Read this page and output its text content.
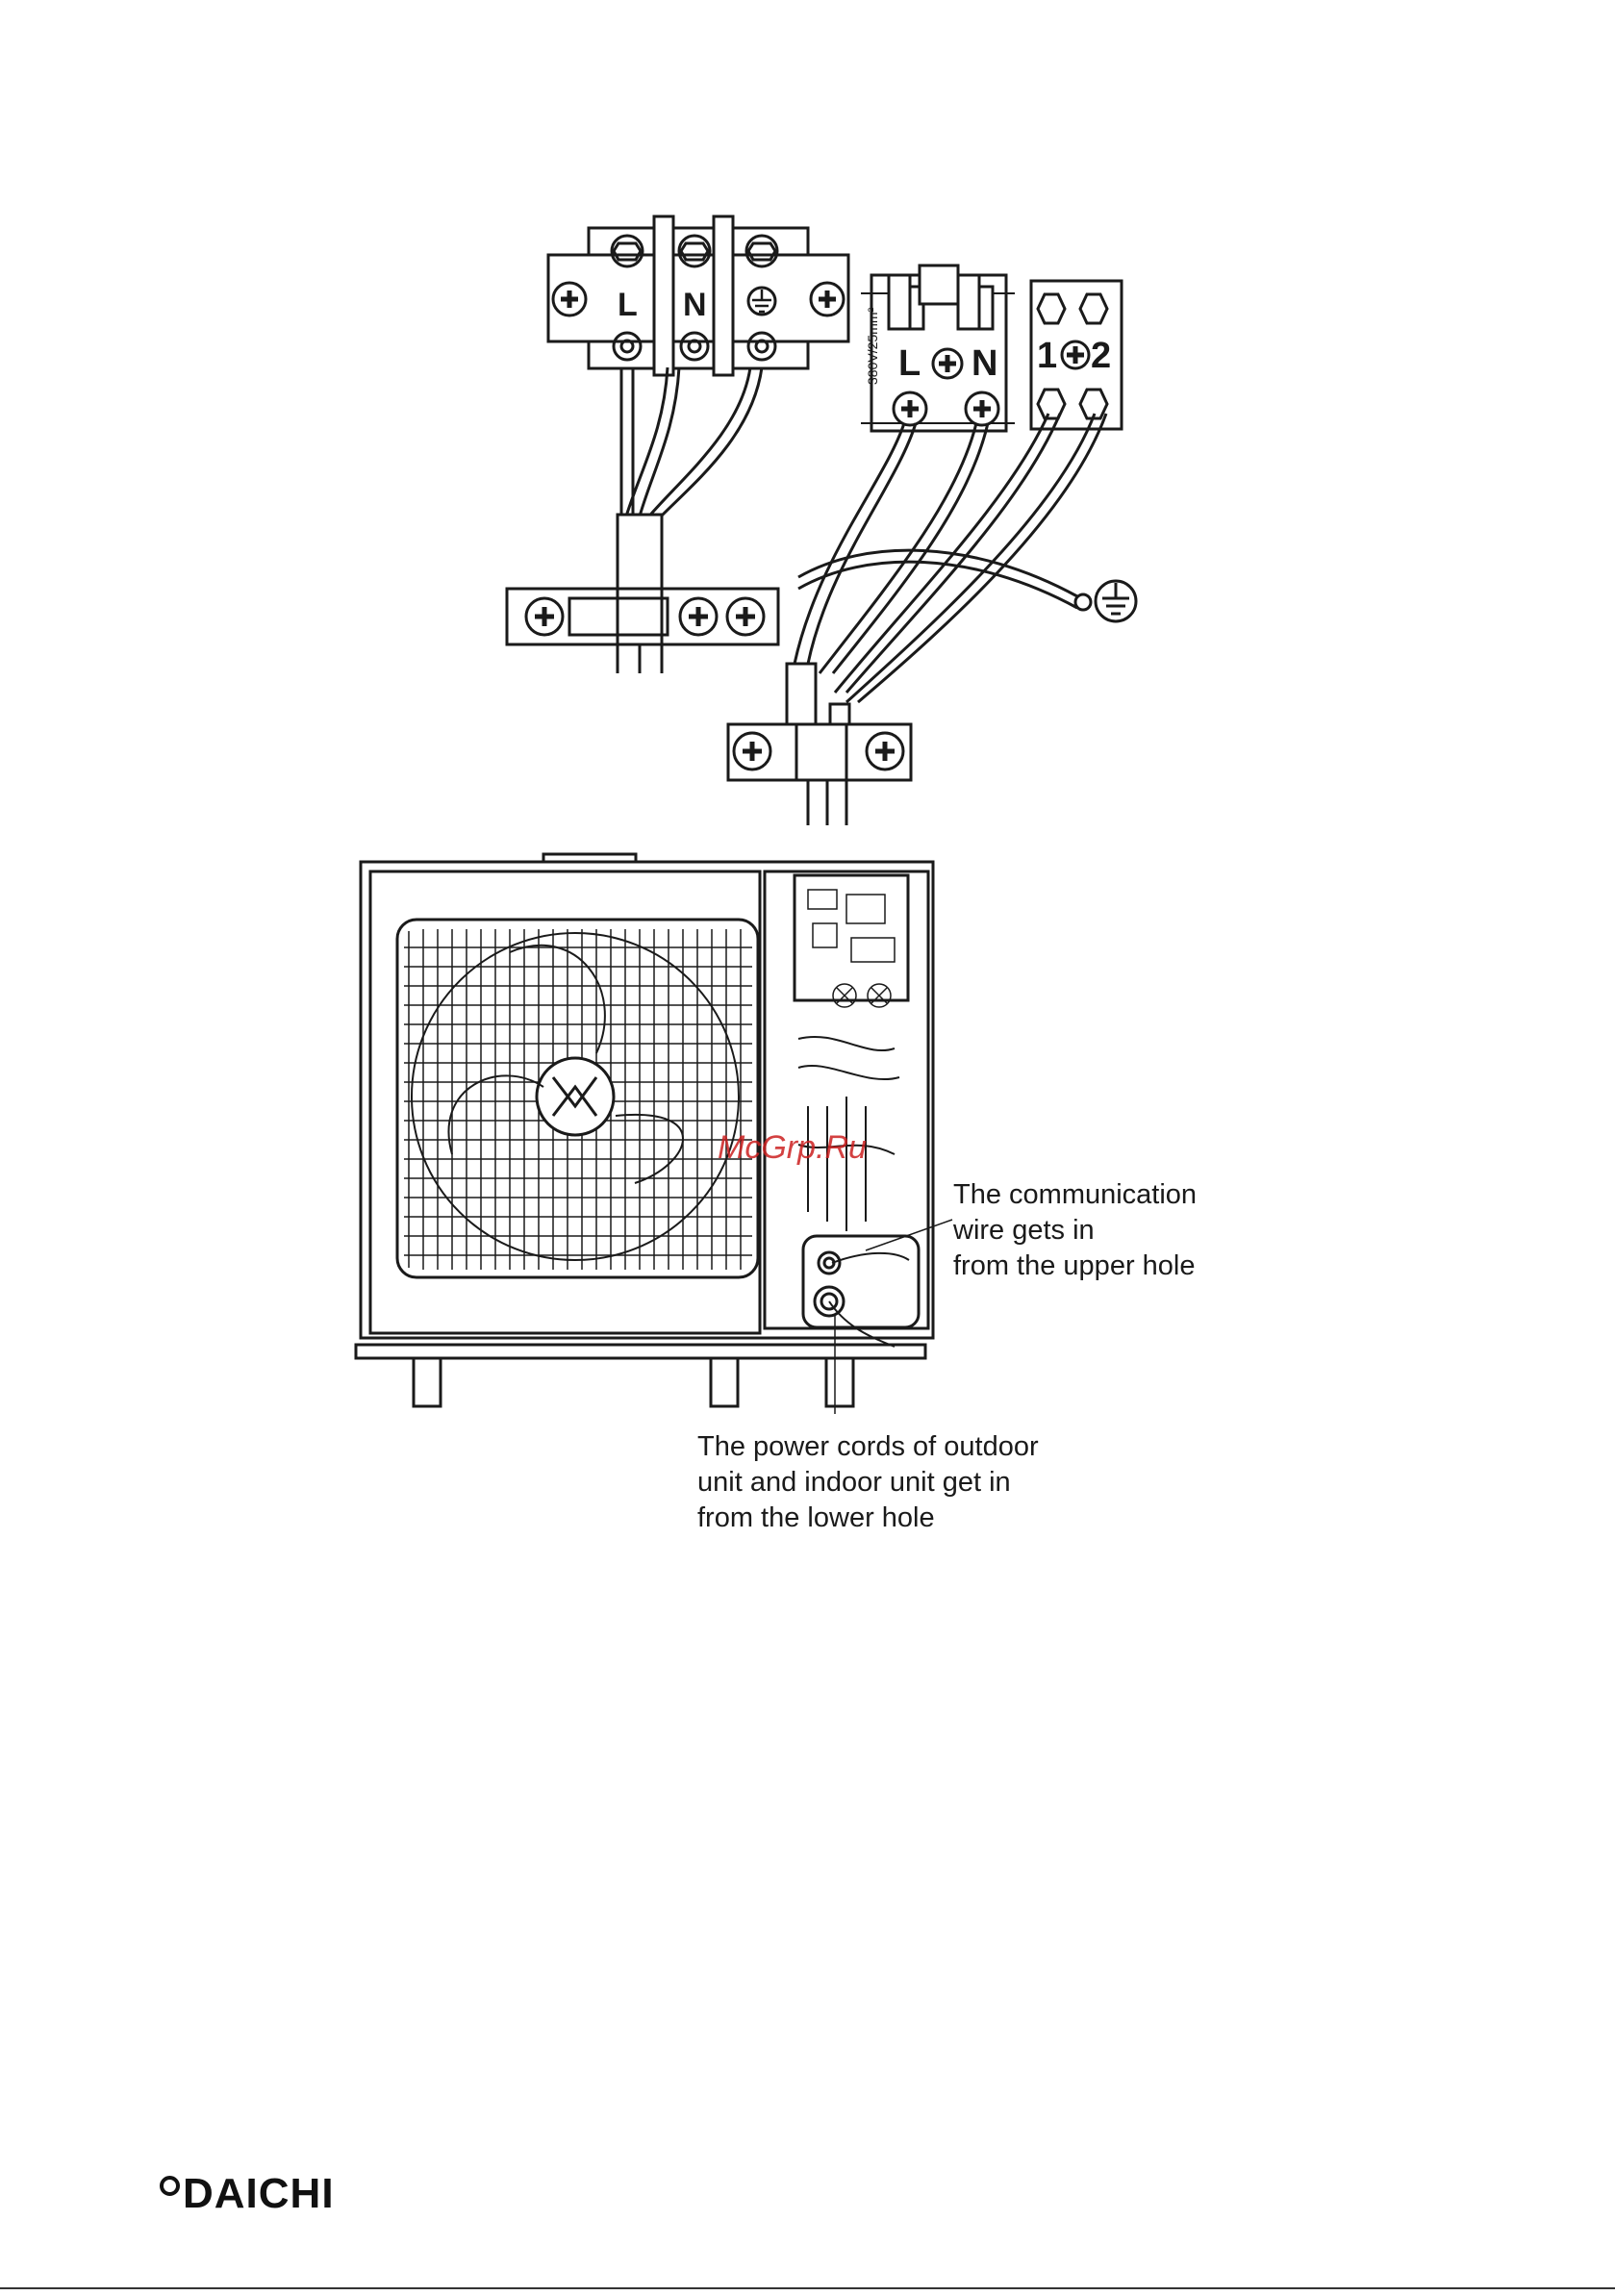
L N
380V/25mm² L N 1 2
The communication
wire gets in
from the upper hole
The power cords of outdoor
unit and indoor unit get in
from the lower hole
McGrp.Ru
DAICHI
